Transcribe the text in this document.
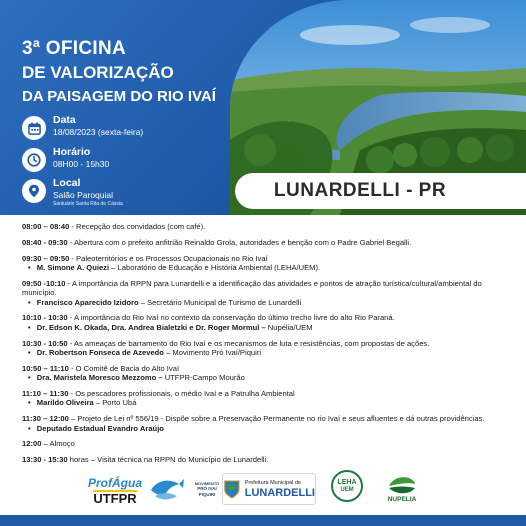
3ª OFICINA
DE VALORIZAÇÃO
DA PAISAGEM DO RIO IVAÍ
Data
18/08/2023 (sexta-feira)
Horário
08H00 - 15h30
Local
Salão Paroquial
Santuário Santa Rita de Cássia
LUNARDELLI - PR
08:00 – 08:40 - Recepção dos convidados (com café).
08:40 - 09:30 - Abertura com o prefeito anfitrião Reinaldo Grola, autoridades e benção com o Padre Gabriel Begalli.
09:30 – 09:50 - Paleoterritórios e os Processos Ocupacionais no Rio Ivaí
• M. Simone A. Quiezi – Laboratório de Educação e História Ambiental (LEHA/UEM).
09:50 -10:10 - A importância da RPPN para Lunardelli e a identificação das atividades e pontos de atração turística/cultural/ambiental do município.
• Francisco Aparecido Izidoro – Secretário Municipal de Turismo de Lunardelli
10:10 - 10:30 - A importância do Rio Ivaí no contexto da conservação do último trecho livre do alto Rio Paraná.
• Dr. Edson K. Okada, Dra. Andrea Bialetzki e Dr. Roger Mormul – Nupélia/UEM
10:30 - 10:50 - As ameaças de barramento do Rio Ivaí e os mecanismos de luta e resistências, com propostas de ações.
• Dr. Robertson Fonseca de Azevedo – Movimento Pró Ivaí/Piquiri
10:50 – 11:10 - O Comitê de Bacia do Alto Ivaí
• Dra. Maristela Moresco Mezzomo – UTFPR-Campo Mourão
11:10 – 11:30 - Os pescadores profissionais, o médio Ivaí e a Patrulha Ambiental
• Marildo Oliveira – Porto Ubá
11:30 – 12:00 – Projeto de Lei nº 556/19 - Dispõe sobre a Preservação Permanente no rio Ivaí e seus afluentes e dá outras providências.
• Deputado Estadual Evandro Araújo
12:00 – Almoço
13:30 - 15:30 horas – Visita técnica na RPPN do Município de Lunardelli.
ProfÁgua
UTFPR
MOVIMENTO
PRÓ IVAÍ
PIQUIRI
Prefeitura Municipal de
LUNARDELLI
LEHA
UEM
NUPELIA
